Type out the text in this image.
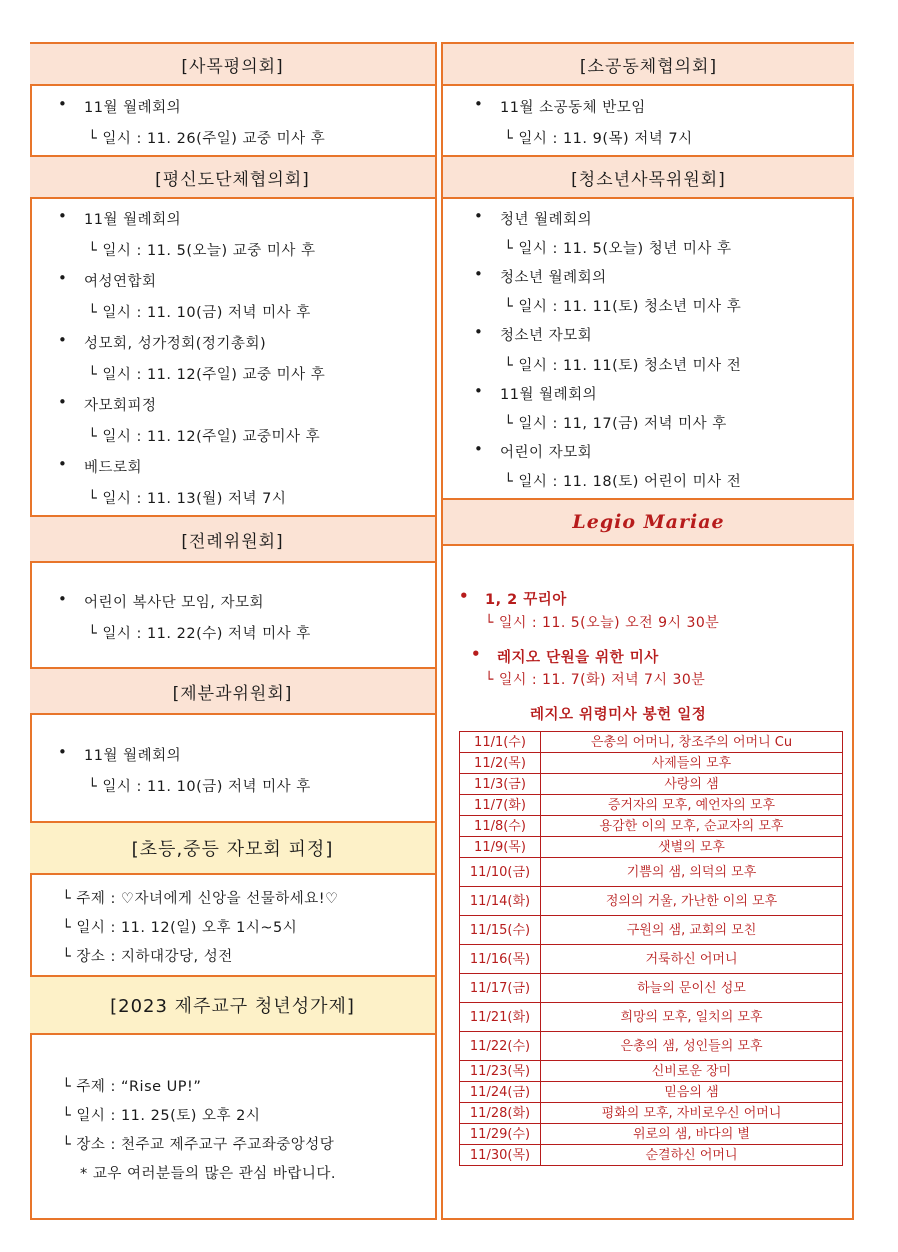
[사목평의회]
• 11월 월례회의
└ 일시 : 11. 26(주일) 교중 미사 후
[평신도단체협의회]
• 11월 월례회의
└ 일시 : 11. 5(오늘) 교중 미사 후
• 여성연합회
└ 일시 : 11. 10(금) 저녁 미사 후
• 성모회, 성가정회(정기총회)
└ 일시 : 11. 12(주일) 교중 미사 후
• 자모회피정
└ 일시 : 11. 12(주일) 교중미사 후
• 베드로회
└ 일시 : 11. 13(월) 저녁 7시
[전례위원회]
• 어린이 복사단 모임, 자모회
└ 일시 : 11. 22(수) 저녁 미사 후
[제분과위원회]
• 11월 월례회의
└ 일시 : 11. 10(금) 저녁 미사 후
[초등,중등 자모회 피정]
└ 주제 : ♡자녀에게 신앙을 선물하세요!♡
└ 일시 : 11. 12(일) 오후 1시~5시
└ 장소 : 지하대강당, 성전
[2023 제주교구 청년성가제]
└ 주제 : “Rise UP!”
└ 일시 : 11. 25(토) 오후 2시
└ 장소 : 천주교 제주교구 주교좌중앙성당
* 교우 여러분들의 많은 관심 바랍니다.
[소공동체협의회]
• 11월 소공동체 반모임
└ 일시 : 11. 9(목) 저녁 7시
[청소년사목위원회]
• 청년 월례회의
└ 일시 : 11. 5(오늘) 청년 미사 후
• 청소년 월례회의
└ 일시 : 11. 11(토) 청소년 미사 후
• 청소년 자모회
└ 일시 : 11. 11(토) 청소년 미사 전
• 11월 월례회의
└ 일시 : 11, 17(금) 저녁 미사 후
• 어린이 자모회
└ 일시 : 11. 18(토) 어린이 미사 전
Legio Mariae
• 1, 2 꾸리아
└ 일시 : 11. 5(오늘) 오전 9시 30분
• 레지오 단원을 위한 미사
└ 일시 : 11. 7(화) 저녁 7시 30분
레지오 위령미사 봉헌 일정
11/1(수)	은총의 어머니, 창조주의 어머니 Cu
11/2(목)	사제들의 모후
11/3(금)	사랑의 샘
11/7(화)	증거자의 모후, 예언자의 모후
11/8(수)	용감한 이의 모후, 순교자의 모후
11/9(목)	샛별의 모후
11/10(금)	기쁨의 샘, 의덕의 모후
11/14(화)	정의의 거울, 가난한 이의 모후
11/15(수)	구원의 샘, 교회의 모친
11/16(목)	거룩하신 어머니
11/17(금)	하늘의 문이신 성모
11/21(화)	희망의 모후, 일치의 모후
11/22(수)	은총의 샘, 성인들의 모후
11/23(목)	신비로운 장미
11/24(금)	믿음의 샘
11/28(화)	평화의 모후, 자비로우신 어머니
11/29(수)	위로의 샘, 바다의 별
11/30(목)	순결하신 어머니
